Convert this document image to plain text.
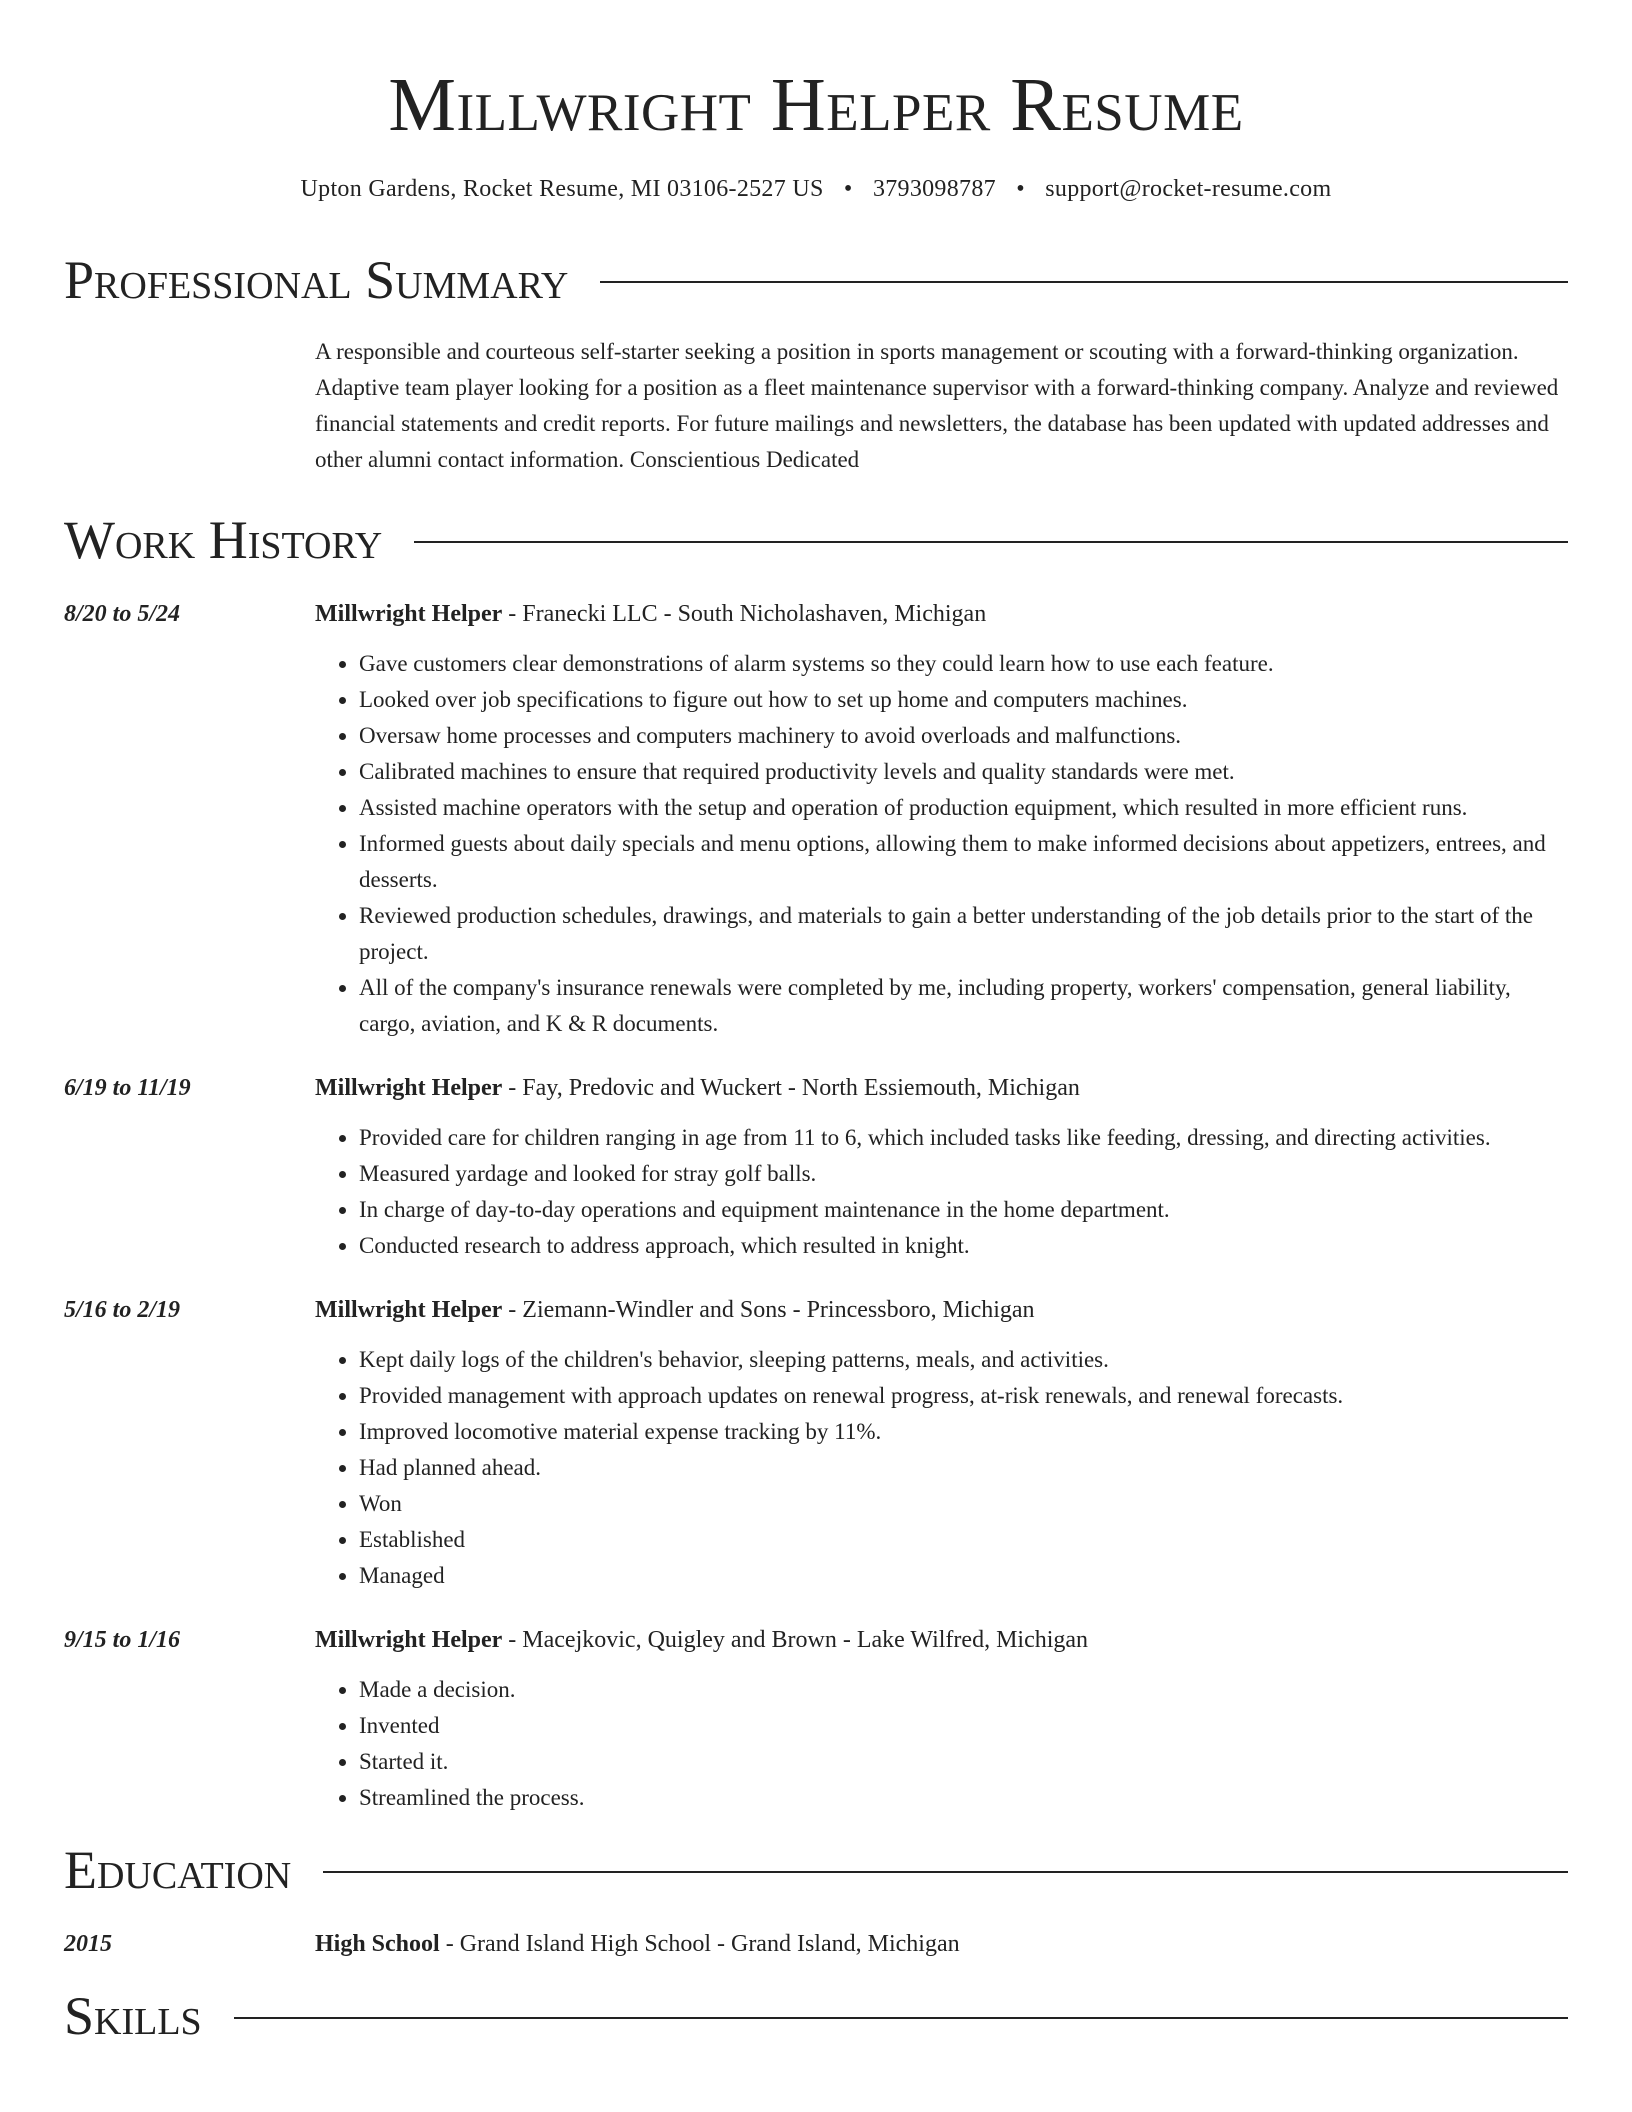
Millwright Helper Resume
Upton Gardens, Rocket Resume, MI 03106-2527 US • 3793098787 • support@rocket-resume.com
Professional Summary
A responsible and courteous self-starter seeking a position in sports management or scouting with a forward-thinking organization. Adaptive team player looking for a position as a fleet maintenance supervisor with a forward-thinking company. Analyze and reviewed financial statements and credit reports. For future mailings and newsletters, the database has been updated with updated addresses and other alumni contact information. Conscientious Dedicated
Work History
8/20 to 5/24	Millwright Helper - Franecki LLC - South Nicholashaven, Michigan
• Gave customers clear demonstrations of alarm systems so they could learn how to use each feature.
• Looked over job specifications to figure out how to set up home and computers machines.
• Oversaw home processes and computers machinery to avoid overloads and malfunctions.
• Calibrated machines to ensure that required productivity levels and quality standards were met.
• Assisted machine operators with the setup and operation of production equipment, which resulted in more efficient runs.
• Informed guests about daily specials and menu options, allowing them to make informed decisions about appetizers, entrees, and desserts.
• Reviewed production schedules, drawings, and materials to gain a better understanding of the job details prior to the start of the project.
• All of the company's insurance renewals were completed by me, including property, workers' compensation, general liability, cargo, aviation, and K & R documents.
6/19 to 11/19	Millwright Helper - Fay, Predovic and Wuckert - North Essiemouth, Michigan
• Provided care for children ranging in age from 11 to 6, which included tasks like feeding, dressing, and directing activities.
• Measured yardage and looked for stray golf balls.
• In charge of day-to-day operations and equipment maintenance in the home department.
• Conducted research to address approach, which resulted in knight.
5/16 to 2/19	Millwright Helper - Ziemann-Windler and Sons - Princessboro, Michigan
• Kept daily logs of the children's behavior, sleeping patterns, meals, and activities.
• Provided management with approach updates on renewal progress, at-risk renewals, and renewal forecasts.
• Improved locomotive material expense tracking by 11%.
• Had planned ahead.
• Won
• Established
• Managed
9/15 to 1/16	Millwright Helper - Macejkovic, Quigley and Brown - Lake Wilfred, Michigan
• Made a decision.
• Invented
• Started it.
• Streamlined the process.
Education
2015	High School - Grand Island High School - Grand Island, Michigan
Skills
